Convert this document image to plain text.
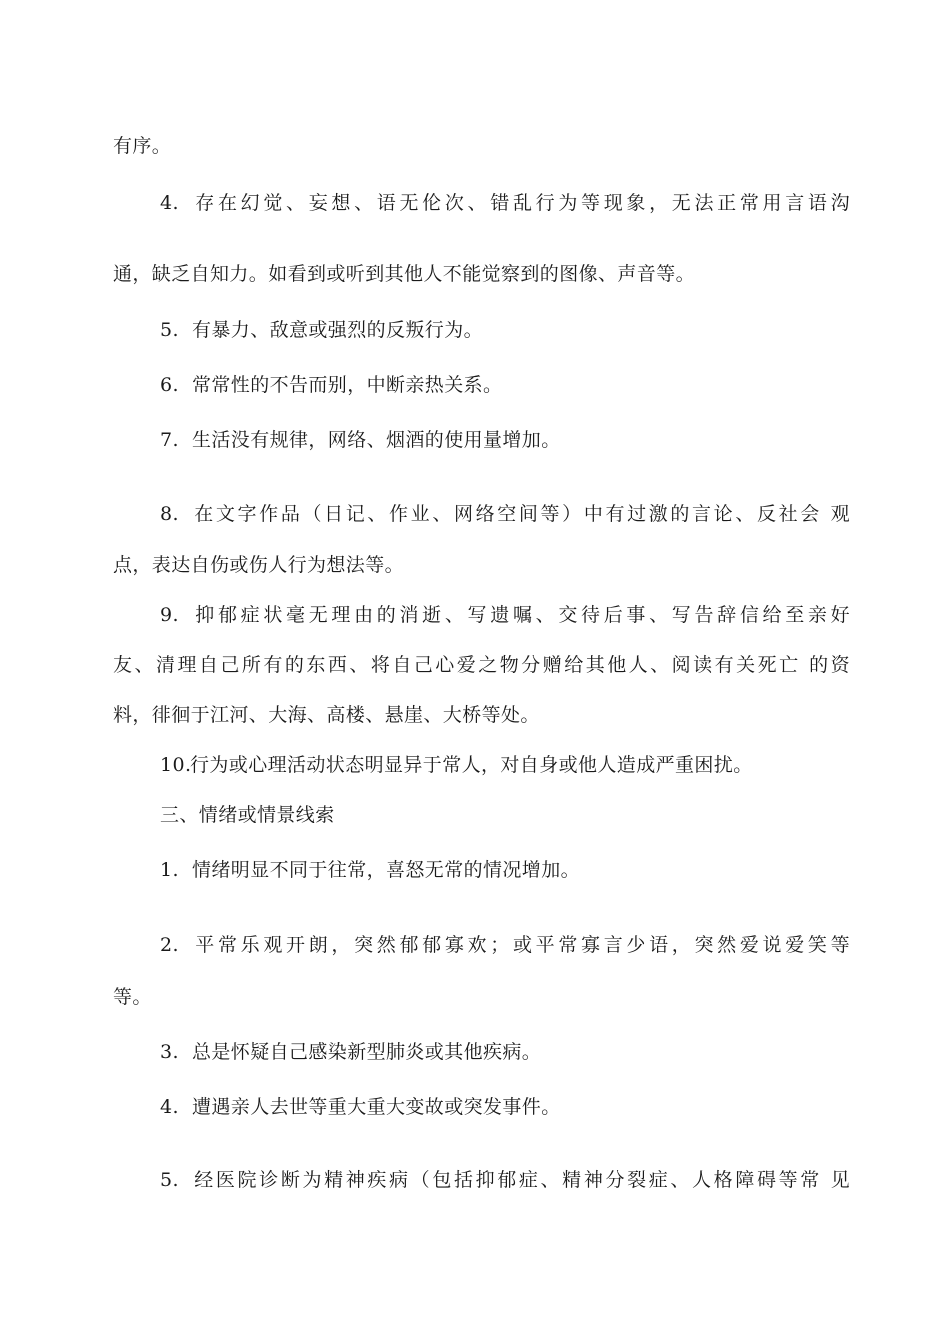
有序。
4. 存在幻觉、妄想、语无伦次、错乱行为等现象，无法正常用言语沟
通，缺乏自知力。如看到或听到其他人不能觉察到的图像、声音等。
5. 有暴力、敌意或强烈的反叛行为。
6. 常常性的不告而别，中断亲热关系。
7. 生活没有规律，网络、烟酒的使用量增加。
8. 在文字作品（日记、作业、网络空间等）中有过激的言论、反社会 观
点，表达自伤或伤人行为想法等。
9. 抑郁症状毫无理由的消逝、写遗嘱、交待后事、写告辞信给至亲好
友、清理自己所有的东西、将自己心爱之物分赠给其他人、阅读有关死亡 的资
料，徘徊于江河、大海、高楼、悬崖、大桥等处。
10.行为或心理活动状态明显异于常人，对自身或他人造成严重困扰。
三、情绪或情景线索
1. 情绪明显不同于往常，喜怒无常的情况增加。
2. 平常乐观开朗，突然郁郁寡欢；或平常寡言少语，突然爱说爱笑等
等。
3. 总是怀疑自己感染新型肺炎或其他疾病。
4. 遭遇亲人去世等重大重大变故或突发事件。
5. 经医院诊断为精神疾病（包括抑郁症、精神分裂症、人格障碍等常 见
